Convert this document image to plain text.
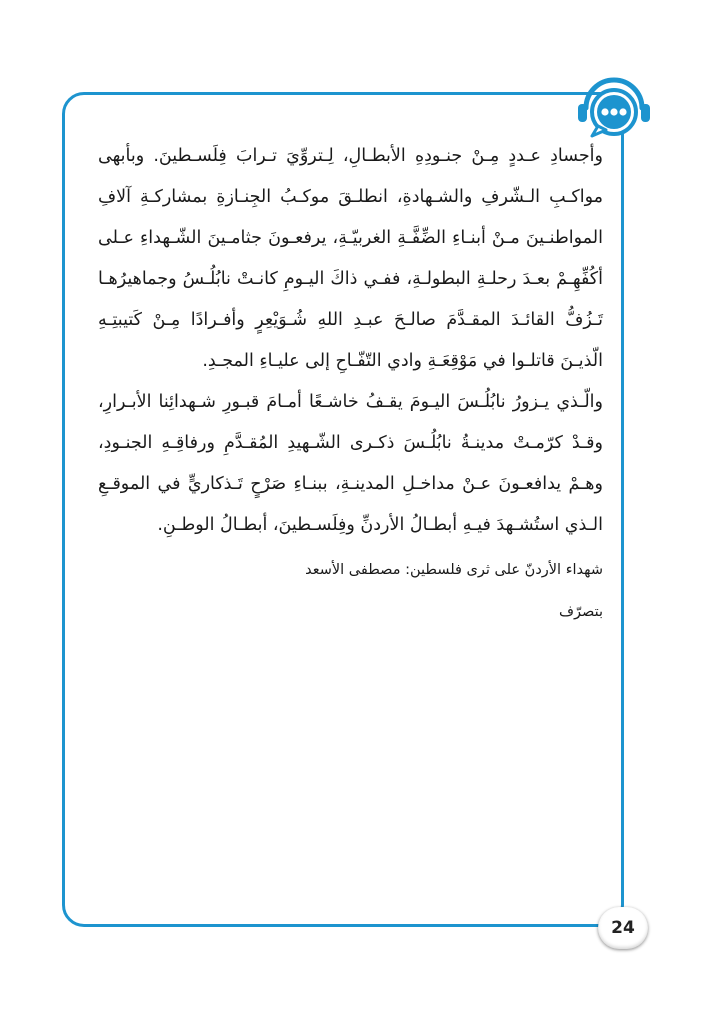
وأجسادِ عـددٍ مِـنْ جنـودِهِ الأبطـالِ، لِـتروِّيَ تـرابَ فِلَسـطينَ. وبأبهى مواكـبِ الـشّرفِ والشـهادةِ، انطلـقَ موكـبُ الجِنـازةِ بمشاركـةِ آلافِ المواطنـينَ مـنْ أبنـاءِ الضِّفَّـةِ الغربيّـةِ، يرفعـونَ جثامـينَ الشّـهداءِ عـلى أكُفِّهِـمْ بعـدَ رحلـةِ البطولـةِ، ففـي ذاكَ اليـومِ كانـتْ نابُلُـسُ وجماهيرُهـا تَـزُفُّ القائـدَ المقـدَّمَ صالـحَ عبـدِ اللهِ شُـوَيْعِرٍ وأفـرادًا مِـنْ كَتيبتِـهِ الّذيـنَ قاتلـوا في مَوْقِعَـةِ وادي التّفّـاحِ إلى عليـاءِ المجـدِ.

والّـذي يـزورُ نابُلُـسَ اليـومَ يقـفُ خاشـعًا أمـامَ قبـورِ شـهدائِنا الأبـرارِ، وقـدْ كرّمـتْ مدينـةُ نابُلُـسَ ذكـرى الشّـهيدِ المُقـدَّمِ ورفاقِـهِ الجنـودِ، وهـمْ يدافعـونَ عـنْ مداخـلِ المدينـةِ، ببنـاءِ صَرْحٍ تَـذكاريٍّ في الموقـعِ الـذي استُشـهدَ فيـهِ أبطـالُ الأردنِّ وفِلَسـطينَ، أبطـالُ الوطـنِ.

شهداء الأردنّ على ثرى فلسطين: مصطفى الأسعد

بتصرّف

24
